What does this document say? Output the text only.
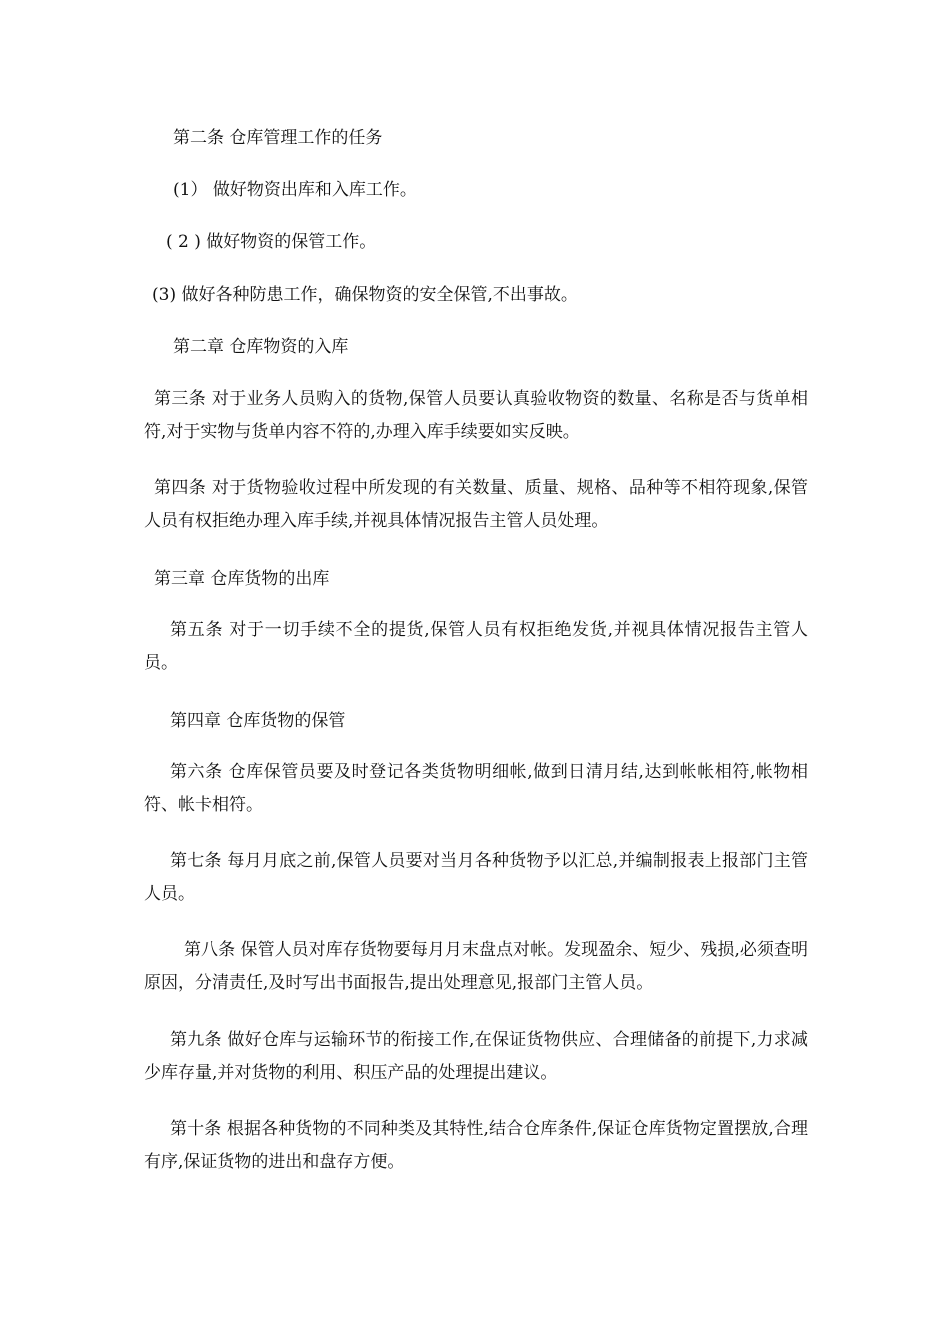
第二条 仓库管理工作的任务
(1） 做好物资出库和入库工作。
( 2 ) 做好物资的保管工作。
(3) 做好各种防患工作，确保物资的安全保管,不出事故。
第二章 仓库物资的入库
第三条 对于业务人员购入的货物,保管人员要认真验收物资的数量、名称是否与货单相符,对于实物与货单内容不符的,办理入库手续要如实反映。
第四条 对于货物验收过程中所发现的有关数量、质量、规格、品种等不相符现象,保管人员有权拒绝办理入库手续,并视具体情况报告主管人员处理。
第三章 仓库货物的出库
第五条 对于一切手续不全的提货,保管人员有权拒绝发货,并视具体情况报告主管人员。
第四章 仓库货物的保管
第六条 仓库保管员要及时登记各类货物明细帐,做到日清月结,达到帐帐相符,帐物相符、帐卡相符。
第七条 每月月底之前,保管人员要对当月各种货物予以汇总,并编制报表上报部门主管人员。
第八条 保管人员对库存货物要每月月末盘点对帐。发现盈余、短少、残损,必须查明原因，分清责任,及时写出书面报告,提出处理意见,报部门主管人员。
第九条 做好仓库与运输环节的衔接工作,在保证货物供应、合理储备的前提下,力求减少库存量,并对货物的利用、积压产品的处理提出建议。
第十条 根据各种货物的不同种类及其特性,结合仓库条件,保证仓库货物定置摆放,合理有序,保证货物的进出和盘存方便。
